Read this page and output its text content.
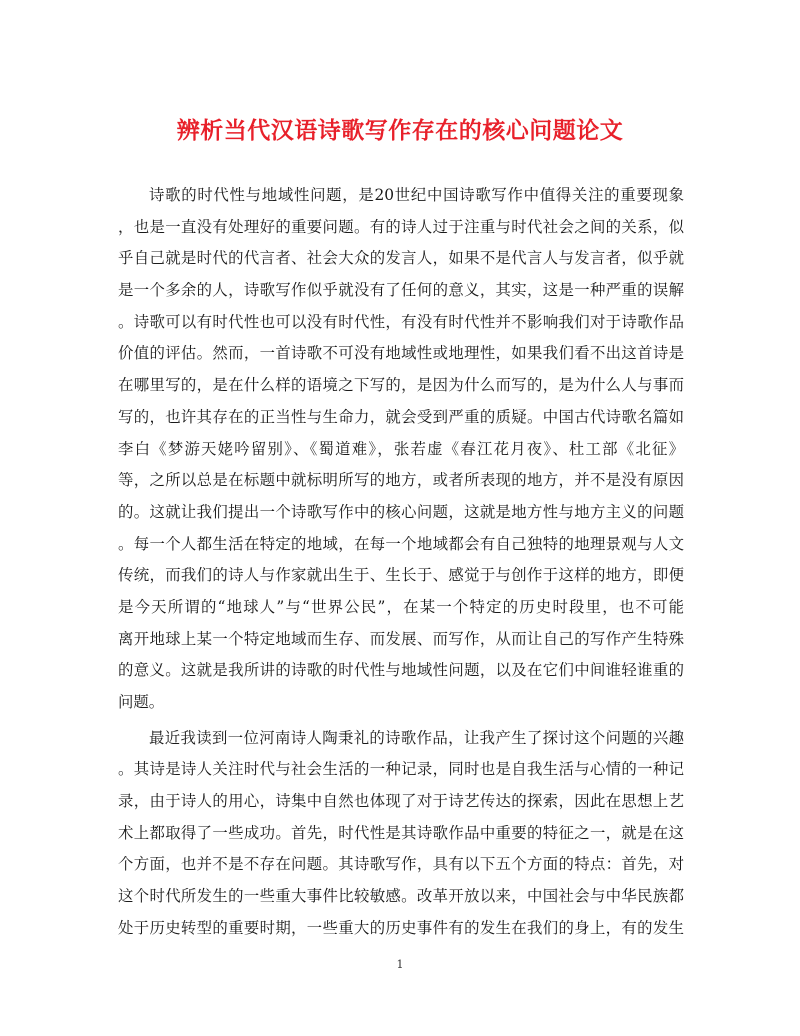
辨析当代汉语诗歌写作存在的核心问题论文
诗歌的时代性与地域性问题，是20世纪中国诗歌写作中值得关注的重要现象
，也是一直没有处理好的重要问题。有的诗人过于注重与时代社会之间的关系，似
乎自己就是时代的代言者、社会大众的发言人，如果不是代言人与发言者，似乎就
是一个多余的人，诗歌写作似乎就没有了任何的意义，其实，这是一种严重的误解
。诗歌可以有时代性也可以没有时代性，有没有时代性并不影响我们对于诗歌作品
价值的评估。然而，一首诗歌不可没有地域性或地理性，如果我们看不出这首诗是
在哪里写的，是在什么样的语境之下写的，是因为什么而写的，是为什么人与事而
写的，也许其存在的正当性与生命力，就会受到严重的质疑。中国古代诗歌名篇如
李白《梦游天姥吟留别》、《蜀道难》，张若虚《春江花月夜》、杜工部《北征》
等，之所以总是在标题中就标明所写的地方，或者所表现的地方，并不是没有原因
的。这就让我们提出一个诗歌写作中的核心问题，这就是地方性与地方主义的问题
。每一个人都生活在特定的地域，在每一个地域都会有自己独特的地理景观与人文
传统，而我们的诗人与作家就出生于、生长于、感觉于与创作于这样的地方，即便
是今天所谓的“地球人”与“世界公民”，在某一个特定的历史时段里，也不可能
离开地球上某一个特定地域而生存、而发展、而写作，从而让自己的写作产生特殊
的意义。这就是我所讲的诗歌的时代性与地域性问题，以及在它们中间谁轻谁重的
问题。
最近我读到一位河南诗人陶秉礼的诗歌作品，让我产生了探讨这个问题的兴趣
。其诗是诗人关注时代与社会生活的一种记录，同时也是自我生活与心情的一种记
录，由于诗人的用心，诗集中自然也体现了对于诗艺传达的探索，因此在思想上艺
术上都取得了一些成功。首先，时代性是其诗歌作品中重要的特征之一，就是在这
个方面，也并不是不存在问题。其诗歌写作，具有以下五个方面的特点：首先，对
这个时代所发生的一些重大事件比较敏感。改革开放以来，中国社会与中华民族都
处于历史转型的重要时期，一些重大的历史事件有的发生在我们的身上，有的发生
1
